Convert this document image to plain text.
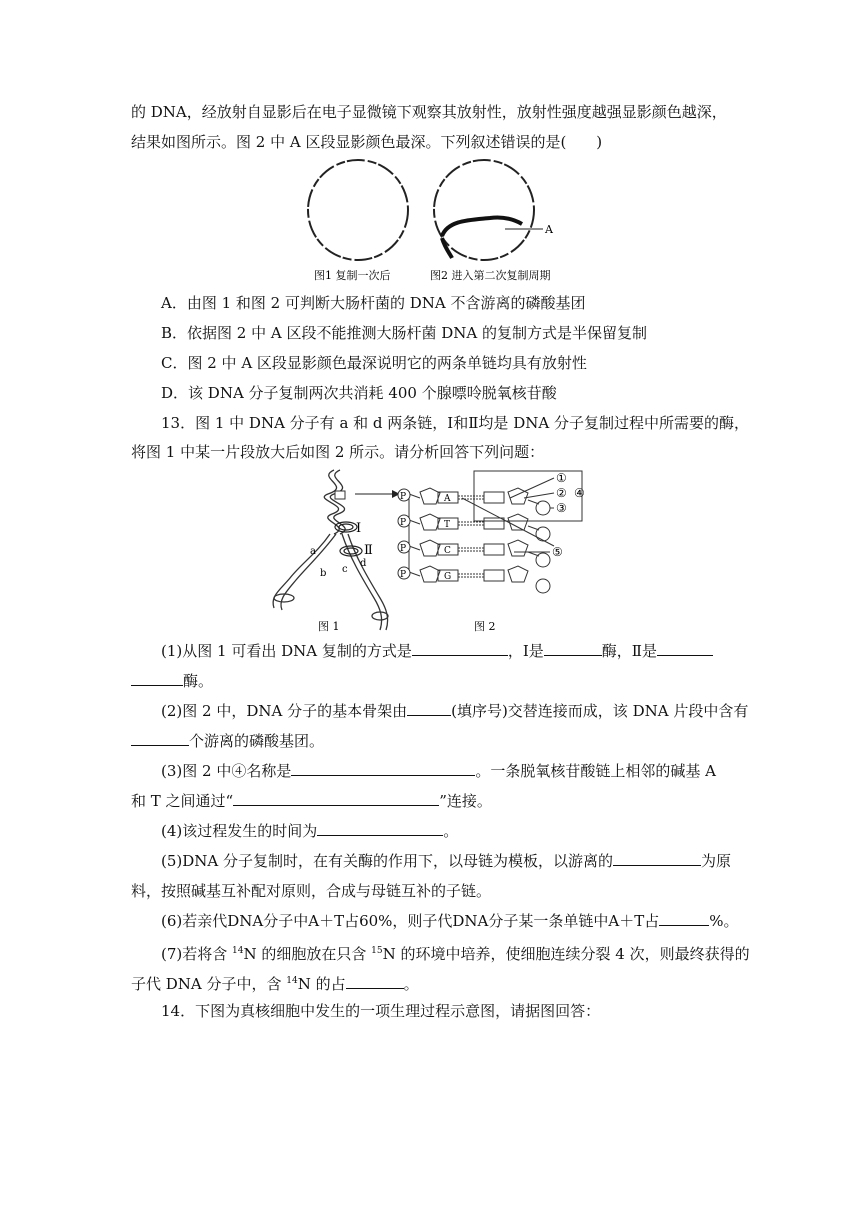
的 DNA，经放射自显影后在电子显微镜下观察其放射性，放射性强度越强显影颜色越深，
结果如图所示。图 2 中 A 区段显影颜色最深。下列叙述错误的是(　　)
A
图1 复制一次后	图2 进入第二次复制周期
A．由图 1 和图 2 可判断大肠杆菌的 DNA 不含游离的磷酸基团
B．依据图 2 中 A 区段不能推测大肠杆菌 DNA 的复制方式是半保留复制
C．图 2 中 A 区段显影颜色最深说明它的两条单链均具有放射性
D．该 DNA 分子复制两次共消耗 400 个腺嘌呤脱氧核苷酸
13．图 1 中 DNA 分子有 a 和 d 两条链，Ⅰ和Ⅱ均是 DNA 分子复制过程中所需要的酶，
将图 1 中某一片段放大后如图 2 所示。请分析回答下列问题：
Ⅰ
Ⅱ
a
b c
d
P
P
P
P
A
T
C
G
①
② ④
③
⑤
图 1	图 2
(1)从图 1 可看出 DNA 复制的方式是	，Ⅰ是	酶，Ⅱ是
酶。
(2)图 2 中，DNA 分子的基本骨架由	(填序号)交替连接而成，该 DNA 片段中含有
个游离的磷酸基团。
(3)图 2 中④名称是	。一条脱氧核苷酸链上相邻的碱基 A
和 T 之间通过“	”连接。
(4)该过程发生的时间为	。
(5)DNA 分子复制时，在有关酶的作用下，以母链为模板，以游离的	为原
料，按照碱基互补配对原则，合成与母链互补的子链。
(6)若亲代DNA分子中A＋T占60%，则子代DNA分子某一条单链中A＋T占	%。
(7)若将含 $^{14}$N 的细胞放在只含 $^{15}$N 的环境中培养，使细胞连续分裂 4 次，则最终获得的
子代 DNA 分子中，含 $^{14}$N 的占	。
14．下图为真核细胞中发生的一项生理过程示意图，请据图回答：
